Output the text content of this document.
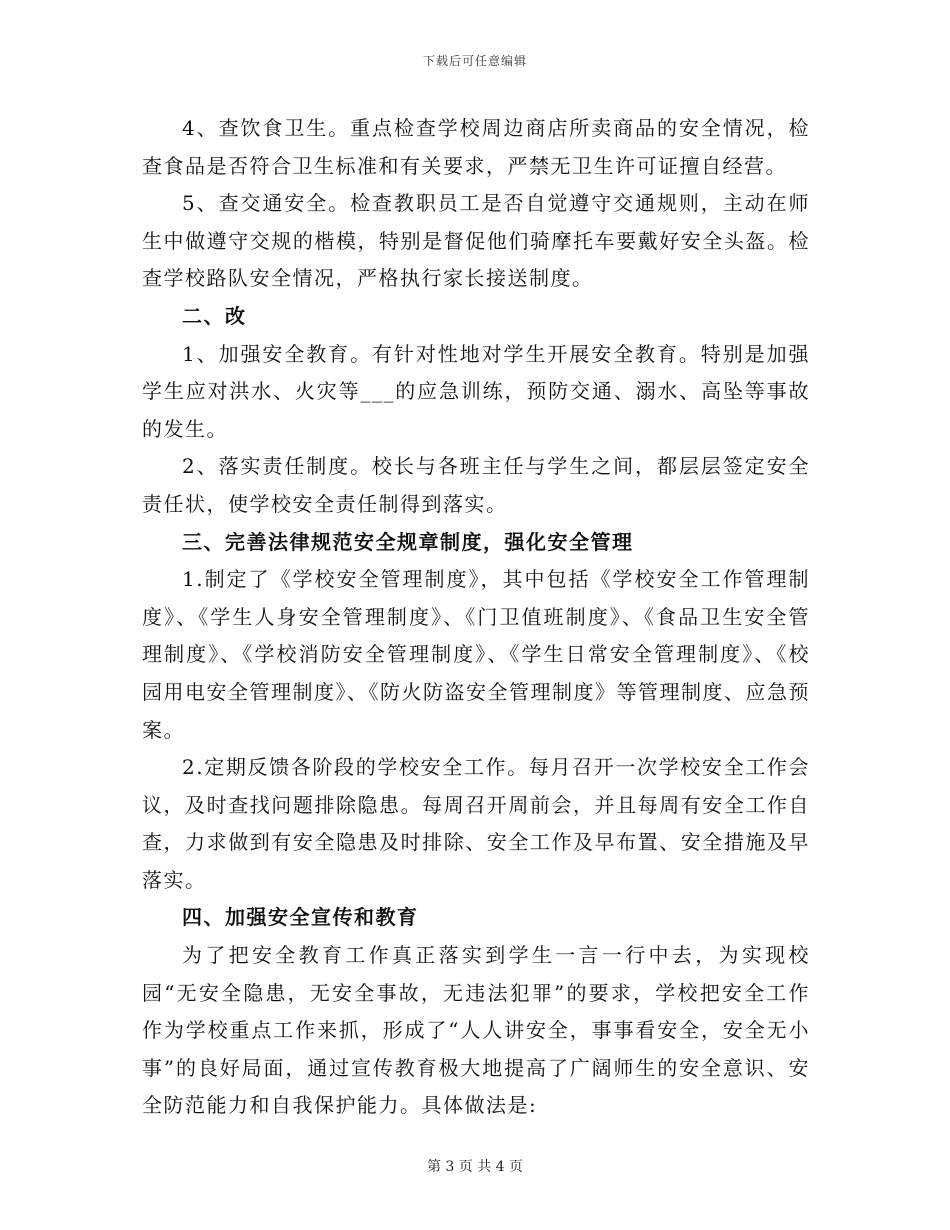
下载后可任意编辑

4、查饮食卫生。重点检查学校周边商店所卖商品的安全情况，检查食品是否符合卫生标准和有关要求，严禁无卫生许可证擅自经营。

5、查交通安全。检查教职员工是否自觉遵守交通规则，主动在师生中做遵守交规的楷模，特别是督促他们骑摩托车要戴好安全头盔。检查学校路队安全情况，严格执行家长接送制度。

二、改

1、加强安全教育。有针对性地对学生开展安全教育。特别是加强学生应对洪水、火灾等___的应急训练，预防交通、溺水、高坠等事故的发生。

2、落实责任制度。校长与各班主任与学生之间，都层层签定安全责任状，使学校安全责任制得到落实。

三、完善法律规范安全规章制度，强化安全管理

1.制定了《学校安全管理制度》，其中包括《学校安全工作管理制度》、《学生人身安全管理制度》、《门卫值班制度》、《食品卫生安全管理制度》、《学校消防安全管理制度》、《学生日常安全管理制度》、《校园用电安全管理制度》、《防火防盗安全管理制度》等管理制度、应急预案。

2.定期反馈各阶段的学校安全工作。每月召开一次学校安全工作会议，及时查找问题排除隐患。每周召开周前会，并且每周有安全工作自查，力求做到有安全隐患及时排除、安全工作及早布置、安全措施及早落实。

四、加强安全宣传和教育

为了把安全教育工作真正落实到学生一言一行中去，为实现校园“无安全隐患，无安全事故，无违法犯罪”的要求，学校把安全工作作为学校重点工作来抓，形成了“人人讲安全，事事看安全，安全无小事”的良好局面，通过宣传教育极大地提高了广阔师生的安全意识、安全防范能力和自我保护能力。具体做法是:

第 3 页 共 4 页
